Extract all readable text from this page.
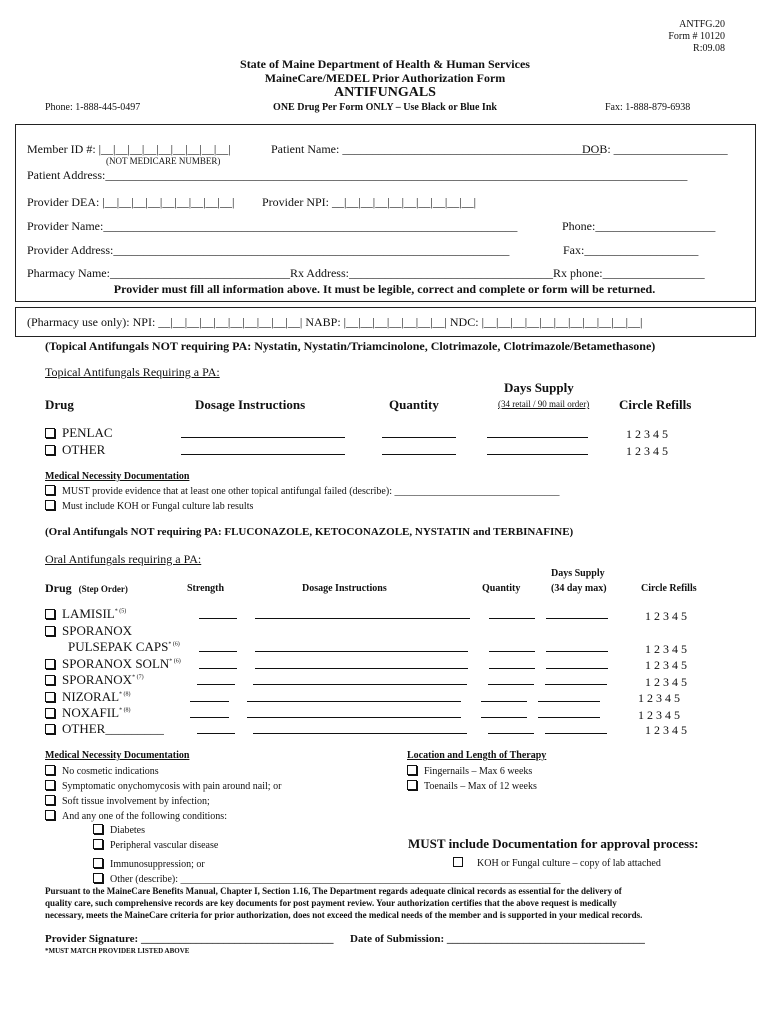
ANTFG.20
Form # 10120
R:09.08
State of Maine Department of Health & Human Services
MaineCare/MEDEL Prior Authorization Form
ANTIFUNGALS
Phone: 1-888-445-0497	ONE Drug Per Form ONLY – Use Black or Blue Ink	Fax: 1-888-879-6938
Member ID #: |__|__|__|__|__|__|__|__|__|
(NOT MEDICARE NUMBER)
Patient Name: ___________________________________________
DOB: ___________________
Patient Address:_________________________________________________________________________________________________
Provider DEA: |__|__|__|__|__|__|__|__|__| Provider NPI: __|__|__|__|__|__|__|__|__|__|
Provider Name:_____________________________________________________________________	Phone:____________________
Provider Address:__________________________________________________________________	Fax:___________________
Pharmacy Name:______________________________Rx Address:__________________________________Rx phone:_________________
Provider must fill all information above. It must be legible, correct and complete or form will be returned.
(Pharmacy use only): NPI: __|__|__|__|__|__|__|__|__|__| NABP: |__|__|__|__|__|__|__| NDC: |__|__|__|__|__|__|__|__|__|__|__|
(Topical Antifungals NOT requiring PA: Nystatin, Nystatin/Triamcinolone, Clotrimazole, Clotrimazole/Betamethasone)
Topical Antifungals Requiring a PA:
Days Supply
Drug	Dosage Instructions	Quantity	(34 retail / 90 mail order) Circle Refills
PENLAC	1 2 3 4 5
OTHER	1 2 3 4 5
Medical Necessity Documentation
MUST provide evidence that at least one other topical antifungal failed (describe): _________________________________
Must include KOH or Fungal culture lab results
(Oral Antifungals NOT requiring PA: FLUCONAZOLE, KETOCONAZOLE, NYSTATIN and TERBINAFINE)
Oral Antifungals requiring a PA:
Days Supply
Drug (Step Order)	Strength	Dosage Instructions	Quantity	(34 day max)	Circle Refills
LAMISIL$^{* (5)}$	1 2 3 4 5
SPORANOX
PULSEPAK CAPS$^{* (6)}$	1 2 3 4 5
SPORANOX SOLN$^{* (6)}$	1 2 3 4 5
SPORANOX$^{* (7)}$	1 2 3 4 5
NIZORAL$^{* (8)}$	1 2 3 4 5
NOXAFIL$^{* (8)}$	1 2 3 4 5
OTHER_________	1 2 3 4 5
Medical Necessity Documentation
No cosmetic indications
Symptomatic onychomycosis with pain around nail; or
Soft tissue involvement by infection;
And any one of the following conditions:
Diabetes
Peripheral vascular disease
Immunosuppression; or
Other (describe): ____________________________________________________________________________
Location and Length of Therapy
Fingernails – Max 6 weeks
Toenails – Max of 12 weeks
MUST include Documentation for approval process:
KOH or Fungal culture – copy of lab attached
Pursuant to the MaineCare Benefits Manual, Chapter I, Section 1.16, The Department regards adequate clinical records as essential for the delivery of
quality care, such comprehensive records are key documents for post payment review. Your authorization certifies that the above request is medically
necessary, meets the MaineCare criteria for prior authorization, does not exceed the medical needs of the member and is supported in your medical records.
Provider Signature: ___________________________________ Date of Submission: ____________________________________
*MUST MATCH PROVIDER LISTED ABOVE
